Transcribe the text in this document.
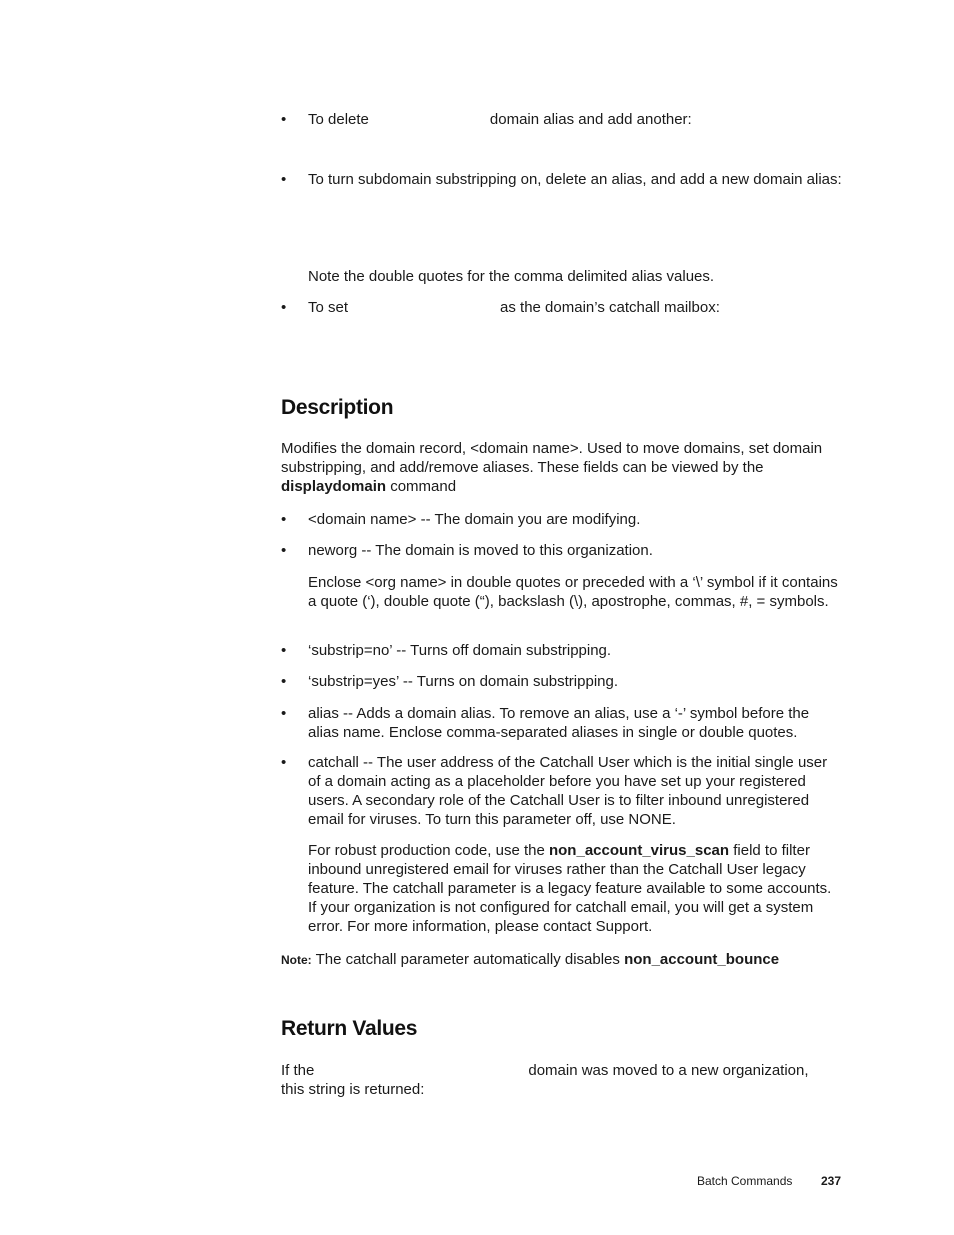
• To delete	domain alias and add another:
• To turn subdomain substripping on, delete an alias, and add a new domain alias:
Note the double quotes for the comma delimited alias values.
• To set	as the domain’s catchall mailbox:
Description
Modifies the domain record, <domain name>. Used to move domains, set domain substripping, and add/remove aliases. These fields can be viewed by the displaydomain command
• <domain name> -- The domain you are modifying.
• neworg -- The domain is moved to this organization.
Enclose <org name> in double quotes or preceded with a ‘\’ symbol if it contains a quote (‘), double quote (“), backslash (\), apostrophe, commas, #, = symbols.
• ‘substrip=no’ -- Turns off domain substripping.
• ‘substrip=yes’ -- Turns on domain substripping.
• alias -- Adds a domain alias. To remove an alias, use a ‘-’ symbol before the alias name. Enclose comma-separated aliases in single or double quotes.
• catchall -- The user address of the Catchall User which is the initial single user of a domain acting as a placeholder before you have set up your registered users. A secondary role of the Catchall User is to filter inbound unregistered email for viruses. To turn this parameter off, use NONE.
For robust production code, use the non_account_virus_scan field to filter inbound unregistered email for viruses rather than the Catchall User legacy feature. The catchall parameter is a legacy feature available to some accounts. If your organization is not configured for catchall email, you will get a system error. For more information, please contact Support.
Note: The catchall parameter automatically disables non_account_bounce
Return Values
If the	domain was moved to a new organization,
this string is returned:
Batch Commands 237
